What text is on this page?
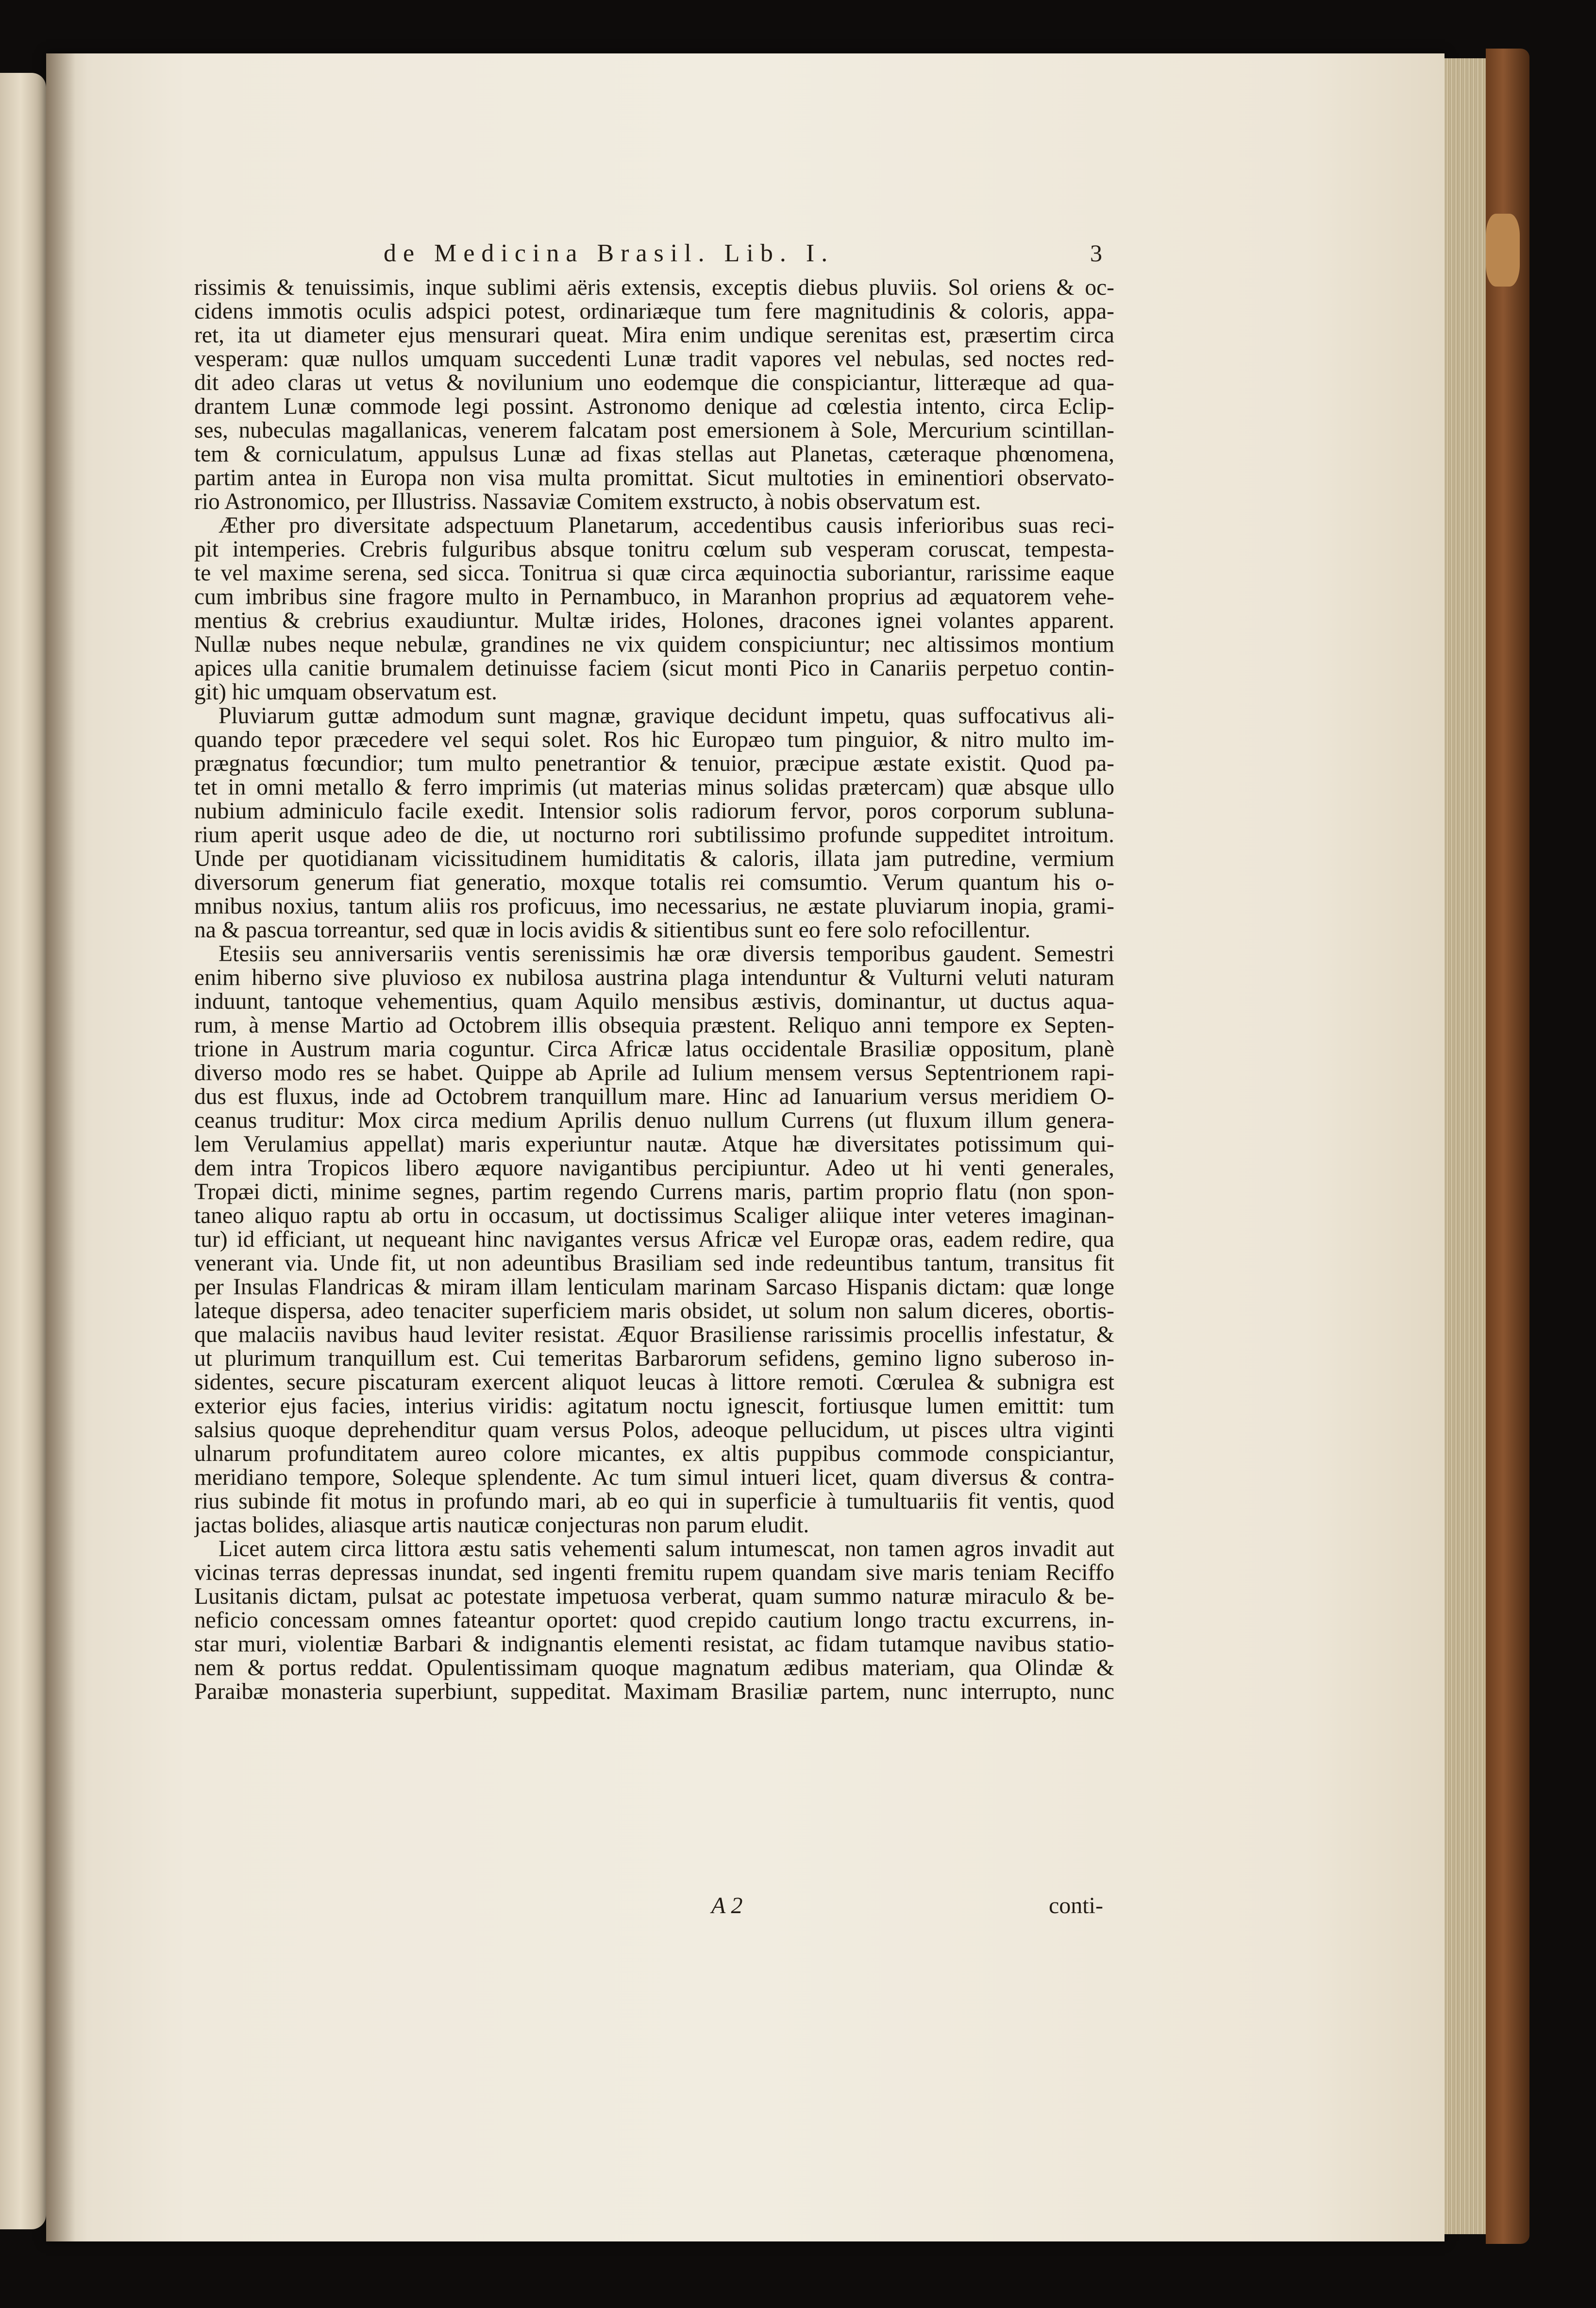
de Medicina Brasil. Lib. I.	3
rissimis & tenuissimis, inque sublimi aëris extensis, exceptis diebus pluviis. Sol oriens & oc-
cidens immotis oculis adspici potest, ordinariæque tum fere magnitudinis & coloris, appa-
ret, ita ut diameter ejus mensurari queat. Mira enim undique serenitas est, præsertim circa
vesperam: quæ nullos umquam succedenti Lunæ tradit vapores vel nebulas, sed noctes red-
dit adeo claras ut vetus & novilunium uno eodemque die conspiciantur, litteræque ad qua-
drantem Lunæ commode legi possint. Astronomo denique ad cœlestia intento, circa Eclip-
ses, nubeculas magallanicas, venerem falcatam post emersionem à Sole, Mercurium scintillan-
tem & corniculatum, appulsus Lunæ ad fixas stellas aut Planetas, cæteraque phœnomena,
partim antea in Europa non visa multa promittat. Sicut multoties in eminentiori observato-
rio Astronomico, per Illustriss. Nassaviæ Comitem exstructo, à nobis observatum est.
Æther pro diversitate adspectuum Planetarum, accedentibus causis inferioribus suas reci-
pit intemperies. Crebris fulguribus absque tonitru cœlum sub vesperam coruscat, tempesta-
te vel maxime serena, sed sicca. Tonitrua si quæ circa æquinoctia suboriantur, rarissime eaque
cum imbribus sine fragore multo in Pernambuco, in Maranhon proprius ad æquatorem vehe-
mentius & crebrius exaudiuntur. Multæ irides, Holones, dracones ignei volantes apparent.
Nullæ nubes neque nebulæ, grandines ne vix quidem conspiciuntur; nec altissimos montium
apices ulla canitie brumalem detinuisse faciem (sicut monti Pico in Canariis perpetuo contin-
git) hic umquam observatum est.
Pluviarum guttæ admodum sunt magnæ, gravique decidunt impetu, quas suffocativus ali-
quando tepor præcedere vel sequi solet. Ros hic Europæo tum pinguior, & nitro multo im-
prægnatus fœcundior; tum multo penetrantior & tenuior, præcipue æstate existit. Quod pa-
tet in omni metallo & ferro imprimis (ut materias minus solidas prætercam) quæ absque ullo
nubium adminiculo facile exedit. Intensior solis radiorum fervor, poros corporum subluna-
rium aperit usque adeo de die, ut nocturno rori subtilissimo profunde suppeditet introitum.
Unde per quotidianam vicissitudinem humiditatis & caloris, illata jam putredine, vermium
diversorum generum fiat generatio, moxque totalis rei comsumtio. Verum quantum his o-
mnibus noxius, tantum aliis ros proficuus, imo necessarius, ne æstate pluviarum inopia, grami-
na & pascua torreantur, sed quæ in locis avidis & sitientibus sunt eo fere solo refocillentur.
Etesiis seu anniversariis ventis serenissimis hæ oræ diversis temporibus gaudent. Semestri
enim hiberno sive pluvioso ex nubilosa austrina plaga intenduntur & Vulturni veluti naturam
induunt, tantoque vehementius, quam Aquilo mensibus æstivis, dominantur, ut ductus aqua-
rum, à mense Martio ad Octobrem illis obsequia præstent. Reliquo anni tempore ex Septen-
trione in Austrum maria coguntur. Circa Africæ latus occidentale Brasiliæ oppositum, planè
diverso modo res se habet. Quippe ab Aprile ad Iulium mensem versus Septentrionem rapi-
dus est fluxus, inde ad Octobrem tranquillum mare. Hinc ad Ianuarium versus meridiem O-
ceanus truditur: Mox circa medium Aprilis denuo nullum Currens (ut fluxum illum genera-
lem Verulamius appellat) maris experiuntur nautæ. Atque hæ diversitates potissimum qui-
dem intra Tropicos libero æquore navigantibus percipiuntur. Adeo ut hi venti generales,
Tropæi dicti, minime segnes, partim regendo Currens maris, partim proprio flatu (non spon-
taneo aliquo raptu ab ortu in occasum, ut doctissimus Scaliger aliique inter veteres imaginan-
tur) id efficiant, ut nequeant hinc navigantes versus Africæ vel Europæ oras, eadem redire, qua
venerant via. Unde fit, ut non adeuntibus Brasiliam sed inde redeuntibus tantum, transitus fit
per Insulas Flandricas & miram illam lenticulam marinam Sarcaso Hispanis dictam: quæ longe
lateque dispersa, adeo tenaciter superficiem maris obsidet, ut solum non salum diceres, obortis-
que malaciis navibus haud leviter resistat. Æquor Brasiliense rarissimis procellis infestatur, &
ut plurimum tranquillum est. Cui temeritas Barbarorum sefidens, gemino ligno suberoso in-
sidentes, secure piscaturam exercent aliquot leucas à littore remoti. Cœrulea & subnigra est
exterior ejus facies, interius viridis: agitatum noctu ignescit, fortiusque lumen emittit: tum
salsius quoque deprehenditur quam versus Polos, adeoque pellucidum, ut pisces ultra viginti
ulnarum profunditatem aureo colore micantes, ex altis puppibus commode conspiciantur,
meridiano tempore, Soleque splendente. Ac tum simul intueri licet, quam diversus & contra-
rius subinde fit motus in profundo mari, ab eo qui in superficie à tumultuariis fit ventis, quod
jactas bolides, aliasque artis nauticæ conjecturas non parum eludit.
Licet autem circa littora æstu satis vehementi salum intumescat, non tamen agros invadit aut
vicinas terras depressas inundat, sed ingenti fremitu rupem quandam sive maris teniam Reciffo
Lusitanis dictam, pulsat ac potestate impetuosa verberat, quam summo naturæ miraculo & be-
neficio concessam omnes fateantur oportet: quod crepido cautium longo tractu excurrens, in-
star muri, violentiæ Barbari & indignantis elementi resistat, ac fidam tutamque navibus statio-
nem & portus reddat. Opulentissimam quoque magnatum ædibus materiam, qua Olindæ &
Paraibæ monasteria superbiunt, suppeditat. Maximam Brasiliæ partem, nunc interrupto, nunc
A 2	conti-
